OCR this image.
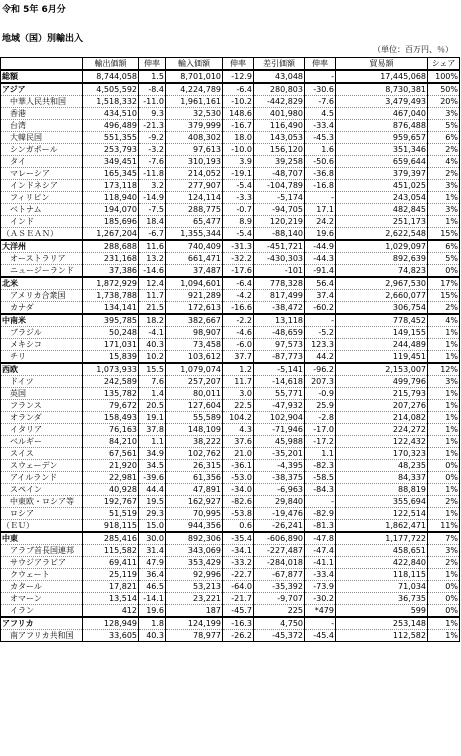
令和 5年 6月分
地域（国）別輸出入
（単位：百万円、％）
	輸出価額	伸率	輸入価額	伸率	差引価額	伸率	貿易額	シェア
総額	8,744,058	1.5	8,701,010	-12.9	43,048	-	17,445,068	100%
アジア	4,505,592	-8.4	4,224,789	-6.4	280,803	-30.6	8,730,381	50%
中華人民共和国	1,518,332	-11.0	1,961,161	-10.2	-442,829	-7.6	3,479,493	20%
香港	434,510	9.3	32,530	148.6	401,980	4.5	467,040	3%
台湾	496,489	-21.3	379,999	-16.7	116,490	-33.4	876,488	5%
大韓民国	551,355	-9.2	408,302	18.0	143,053	-45.3	959,657	6%
シンガポール	253,793	-3.2	97,613	-10.0	156,120	1.6	351,346	2%
タイ	349,451	-7.6	310,193	3.9	39,258	-50.6	659,644	4%
マレーシア	165,345	-11.8	214,052	-19.1	-48,707	-36.8	379,397	2%
インドネシア	173,118	3.2	277,907	-5.4	-104,789	-16.8	451,025	3%
フィリピン	118,940	-14.9	124,114	-3.3	-5,174	-	243,054	1%
ベトナム	194,070	-7.5	288,775	-0.7	-94,705	17.1	482,845	3%
インド	185,696	18.4	65,477	8.9	120,219	24.2	251,173	1%
（ＡＳＥＡＮ）	1,267,204	-6.7	1,355,344	-5.4	-88,140	19.6	2,622,548	15%
大洋州	288,688	11.6	740,409	-31.3	-451,721	-44.9	1,029,097	6%
オーストラリア	231,168	13.2	661,471	-32.2	-430,303	-44.3	892,639	5%
ニュージーランド	37,386	-14.6	37,487	-17.6	-101	-91.4	74,823	0%
北米	1,872,929	12.4	1,094,601	-6.4	778,328	56.4	2,967,530	17%
アメリカ合衆国	1,738,788	11.7	921,289	-4.2	817,499	37.4	2,660,077	15%
カナダ	134,141	21.5	172,613	-16.6	-38,472	-60.2	306,754	2%
中南米	395,785	18.2	382,667	-2.2	13,118	-	778,452	4%
ブラジル	50,248	-4.1	98,907	-4.6	-48,659	-5.2	149,155	1%
メキシコ	171,031	40.3	73,458	-6.0	97,573	123.3	244,489	1%
チリ	15,839	10.2	103,612	37.7	-87,773	44.2	119,451	1%
西欧	1,073,933	15.5	1,079,074	1.2	-5,141	-96.2	2,153,007	12%
ドイツ	242,589	7.6	257,207	11.7	-14,618	207.3	499,796	3%
英国	135,782	1.4	80,011	3.0	55,771	-0.9	215,793	1%
フランス	79,672	20.5	127,604	22.5	-47,932	25.9	207,276	1%
オランダ	158,493	19.1	55,589	104.2	102,904	-2.8	214,082	1%
イタリア	76,163	37.8	148,109	4.3	-71,946	-17.0	224,272	1%
ベルギー	84,210	1.1	38,222	37.6	45,988	-17.2	122,432	1%
スイス	67,561	34.9	102,762	21.0	-35,201	1.1	170,323	1%
スウェーデン	21,920	34.5	26,315	-36.1	-4,395	-82.3	48,235	0%
アイルランド	22,981	-39.6	61,356	-53.0	-38,375	-58.5	84,337	0%
スペイン	40,928	44.4	47,891	-34.0	-6,963	-84.3	88,819	1%
中東欧・ロシア等	192,767	19.5	162,927	-82.6	29,840	-	355,694	2%
ロシア	51,519	29.3	70,995	-53.8	-19,476	-82.9	122,514	1%
（ＥＵ）	918,115	15.0	944,356	0.6	-26,241	-81.3	1,862,471	11%
中東	285,416	30.0	892,306	-35.4	-606,890	-47.8	1,177,722	7%
アラブ首長国連邦	115,582	31.4	343,069	-34.1	-227,487	-47.4	458,651	3%
サウジアラビア	69,411	47.9	353,429	-33.2	-284,018	-41.1	422,840	2%
クウェート	25,119	36.4	92,996	-22.7	-67,877	-33.4	118,115	1%
カタール	17,821	46.5	53,213	-64.0	-35,392	-73.9	71,034	0%
オマーン	13,514	-14.1	23,221	-21.7	-9,707	-30.2	36,735	0%
イラン	412	19.6	187	-45.7	225	*479	599	0%
アフリカ	128,949	1.8	124,199	-16.3	4,750	-	253,148	1%
南アフリカ共和国	33,605	40.3	78,977	-26.2	-45,372	-45.4	112,582	1%
